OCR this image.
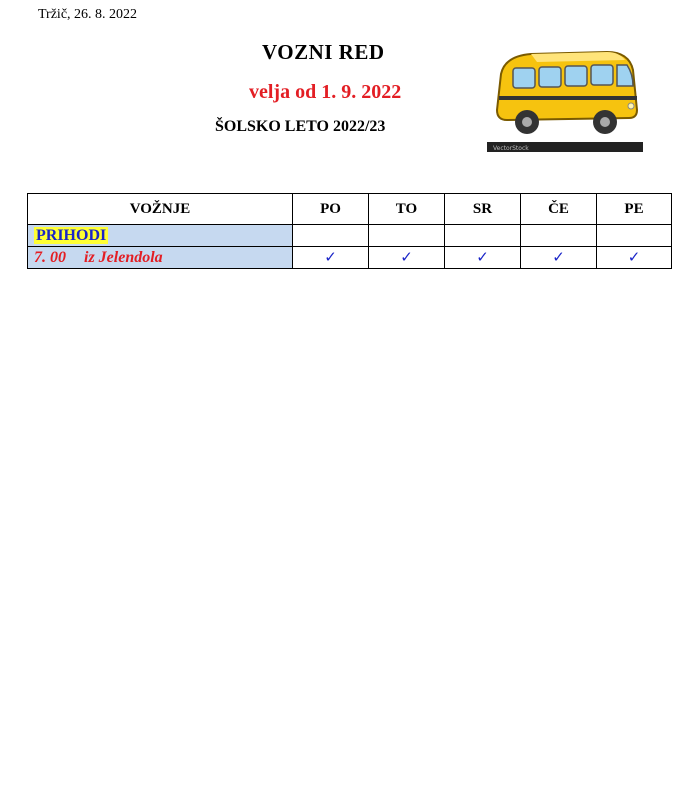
Tržič, 26. 8. 2022
VOZNI RED
velja od 1. 9. 2022
ŠOLSKO LETO 2022/23
VectorStock
VOŽNJE	PO	TO	SR	ČE	PE
PRIHODI					
7. 00 iz Jelendola	✓	✓	✓	✓	✓
